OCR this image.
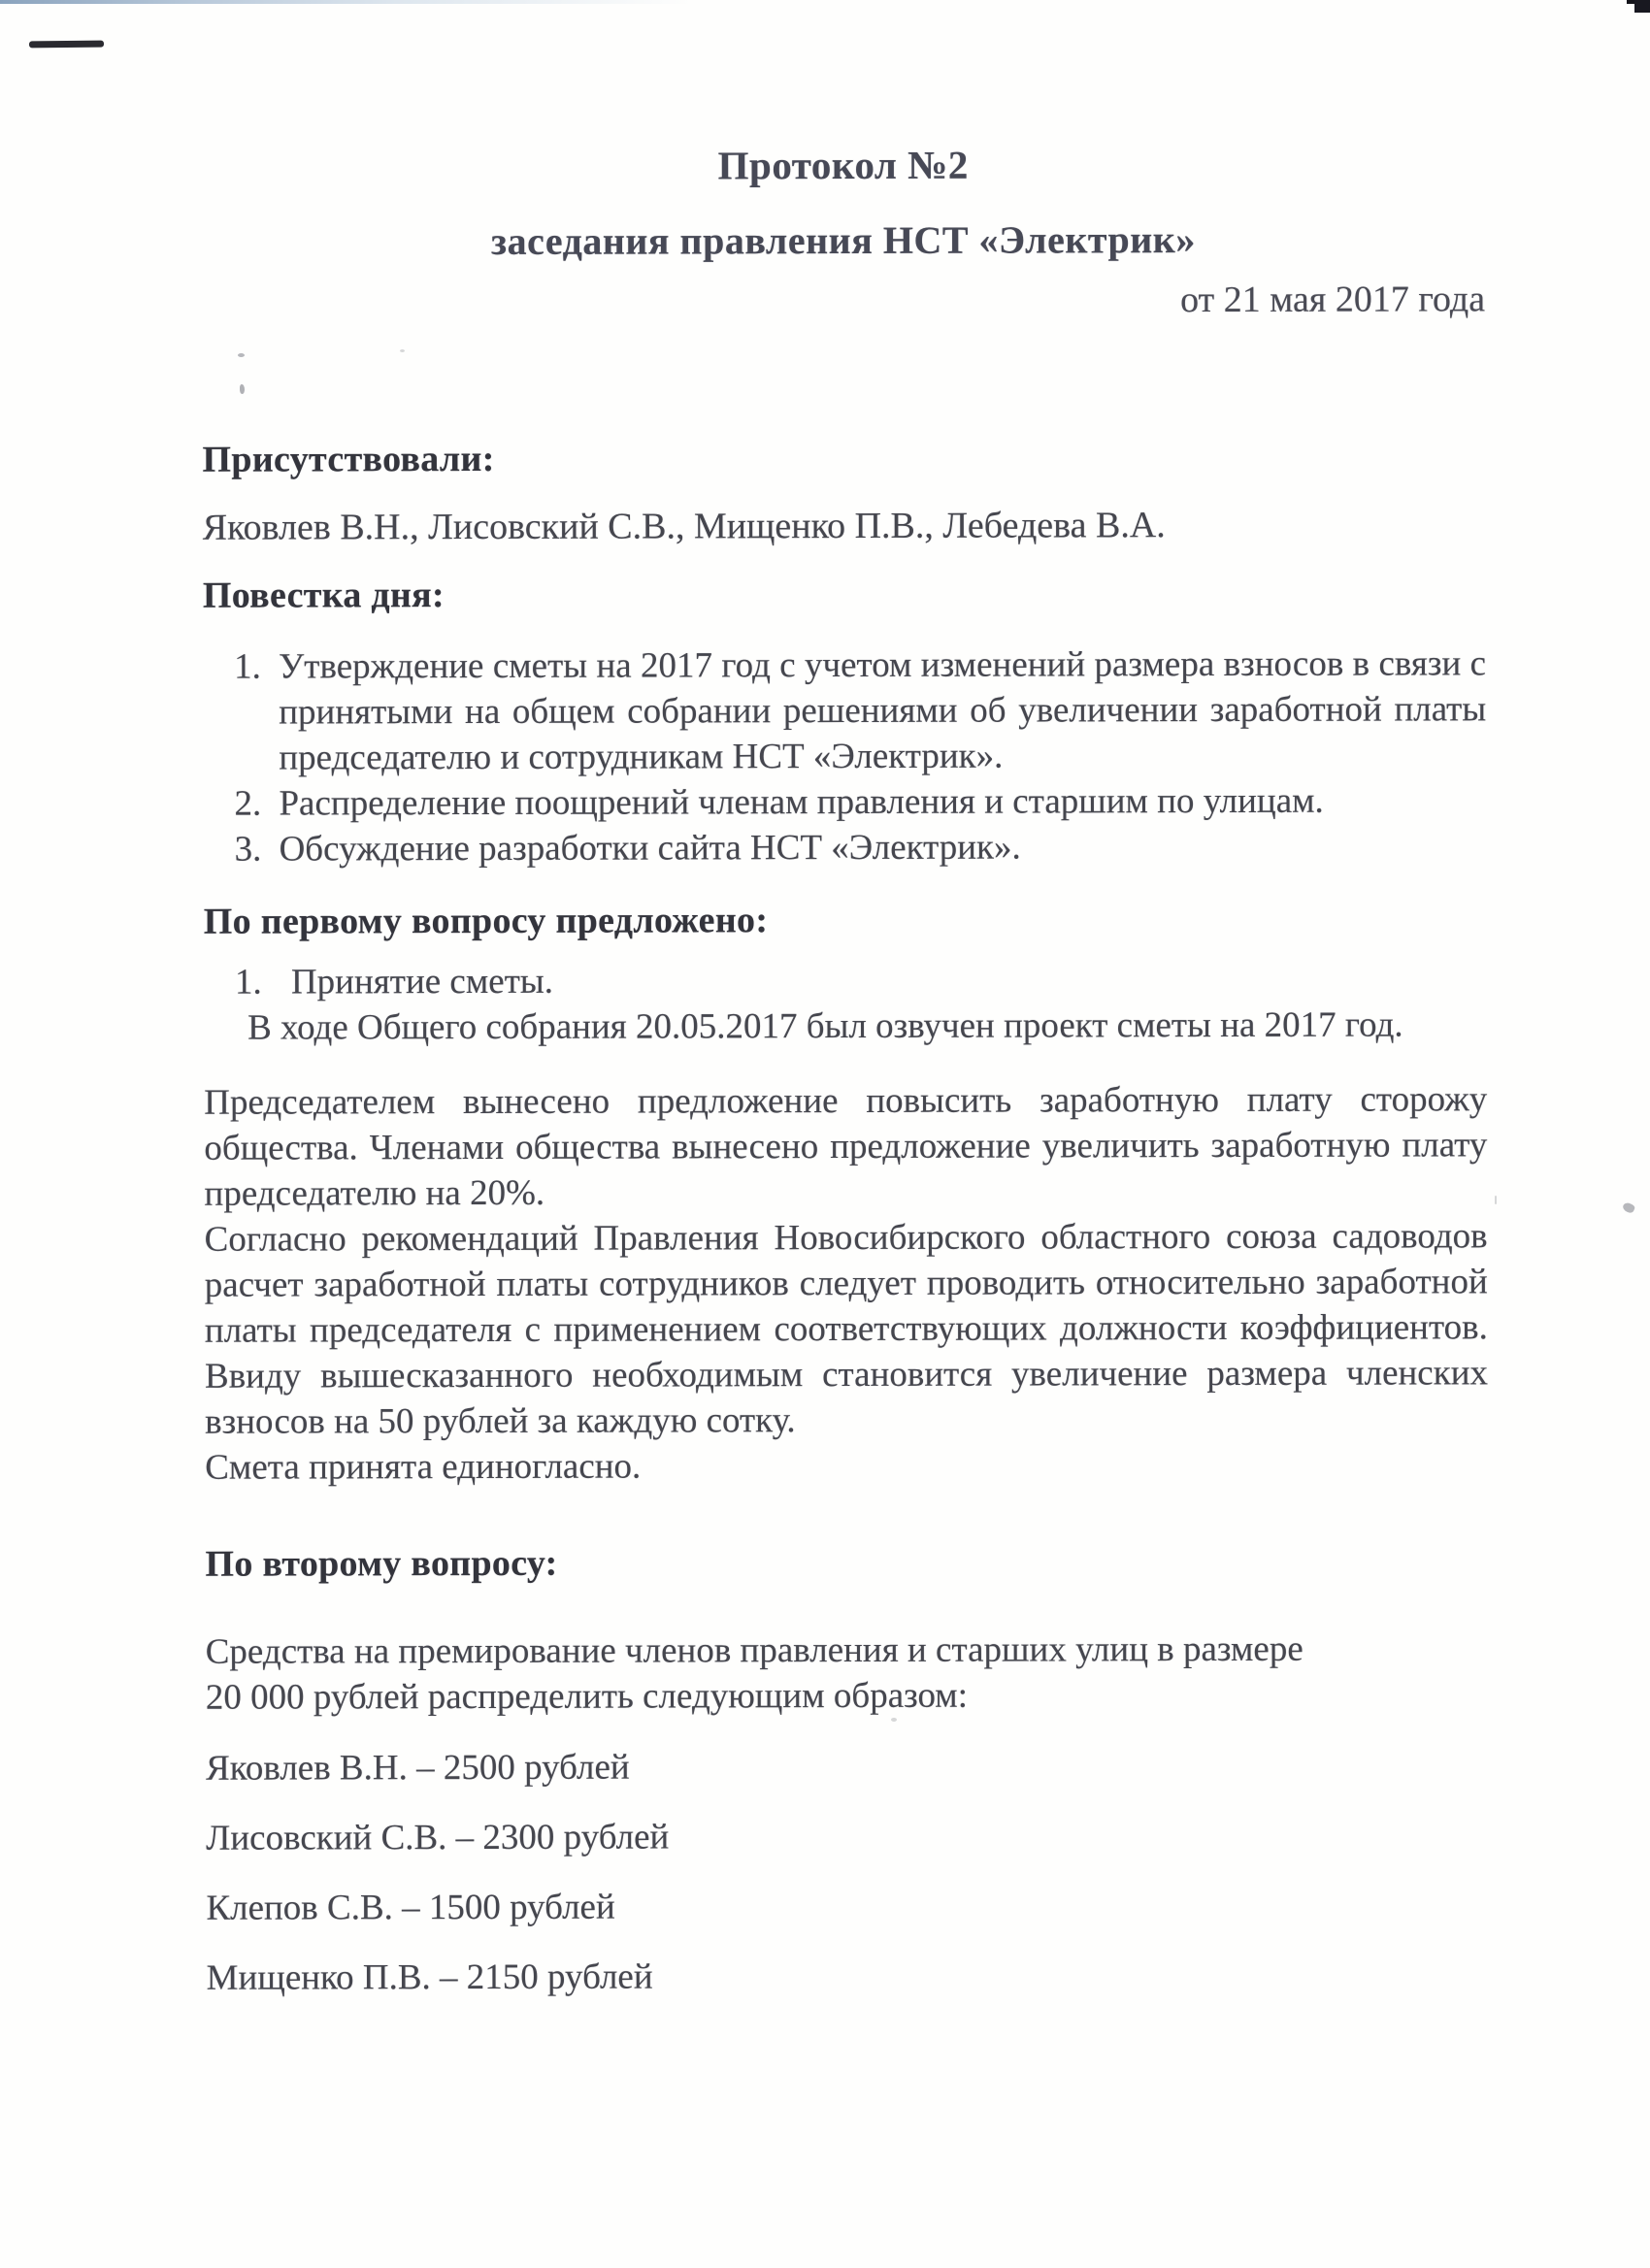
Протокол №2
заседания правления НСТ «Электрик»
от 21 мая 2017 года
Присутствовали:
Яковлев В.Н., Лисовский С.В., Мищенко П.В., Лебедева В.А.
Повестка дня:
1. Утверждение сметы на 2017 год с учетом изменений размера взносов в связи с принятыми на общем собрании решениями об увеличении заработной платы председателю и сотрудникам НСТ «Электрик».
2. Распределение поощрений членам правления и старшим по улицам.
3. Обсуждение разработки сайта НСТ «Электрик».
По первому вопросу предложено:
1. Принятие сметы.
В ходе Общего собрания 20.05.2017 был озвучен проект сметы на 2017 год.

Председателем вынесено предложение повысить заработную плату сторожу общества. Членами общества вынесено предложение увеличить заработную плату председателю на 20%.

Согласно рекомендаций Правления Новосибирского областного союза садоводов расчет заработной платы сотрудников следует проводить относительно заработной платы председателя с применением соответствующих должности коэффициентов. Ввиду вышесказанного необходимым становится увеличение размера членских взносов на 50 рублей за каждую сотку.

Смета принята единогласно.

По второму вопросу:
Средства на премирование членов правления и старших улиц в размере
20 000 рублей распределить следующим образом:
Яковлев В.Н. – 2500 рублей
Лисовский С.В. – 2300 рублей
Клепов С.В. – 1500 рублей
Мищенко П.В. – 2150 рублей
